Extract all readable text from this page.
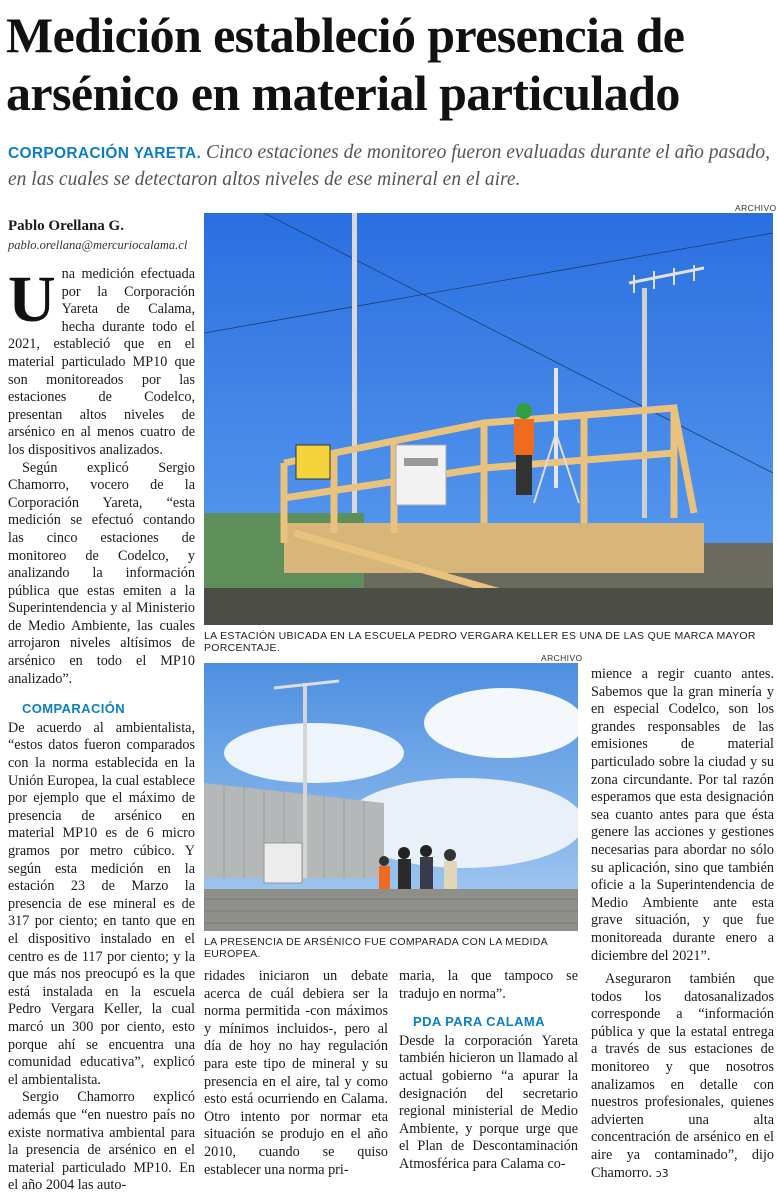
Medición estableció presencia de arsénico en material particulado

CORPORACIÓN YARETA. Cinco estaciones de monitoreo fueron evaluadas durante el año pasado, en las cuales se detectaron altos niveles de ese mineral en el aire.

Pablo Orellana G.
pablo.orellana@mercuriocalama.cl
ARCHIVO
LA ESTACIÓN UBICADA EN LA ESCUELA PEDRO VERGARA KELLER ES UNA DE LAS QUE MARCA MAYOR PORCENTAJE.
ARCHIVO
LA PRESENCIA DE ARSÉNICO FUE COMPARADA CON LA MEDIDA EUROPEA.
U na medición efectuada por la Corporación Yareta de Calama, hecha durante todo el 2021, estableció que en el material particulado MP10 que son monitoreados por las estaciones de Codelco, presentan altos niveles de arsénico en al menos cuatro de los dispositivos analizados.

Según explicó Sergio Chamorro, vocero de la Corporación Yareta, “esta medición se efectuó contando las cinco estaciones de monitoreo de Codelco, y analizando la información pública que estas emiten a la Superintendencia y al Ministerio de Medio Ambiente, las cuales arrojaron niveles altísimos de arsénico en todo el MP10 analizado”.

COMPARACIÓN

De acuerdo al ambientalista, “estos datos fueron comparados con la norma establecida en la Unión Europea, la cual establece por ejemplo que el máximo de presencia de arsénico en material MP10 es de 6 micro gramos por metro cúbico. Y según esta medición en la estación 23 de Marzo la presencia de ese mineral es de 317 por ciento; en tanto que en el dispositivo instalado en el centro es de 117 por ciento; y la que más nos preocupó es la que está instalada en la escuela Pedro Vergara Keller, la cual marcó un 300 por ciento, esto porque ahí se encuentra una comunidad educativa”, explicó el ambientalista.

Sergio Chamorro explicó además que “en nuestro país no existe normativa ambiental para la presencia de arsénico en el material particulado MP10. En el año 2004 las auto-

ridades iniciaron un debate acerca de cuál debiera ser la norma permitida -con máximos y mínimos incluidos-, pero al día de hoy no hay regulación para este tipo de mineral y su presencia en el aire, tal y como esto está ocurriendo en Calama. Otro intento por normar eta situación se produjo en el año 2010, cuando se quiso establecer una norma pri-

maria, la que tampoco se tradujo en norma”.

PDA PARA CALAMA

Desde la corporación Yareta también hicieron un llamado al actual gobierno “a apurar la designación del secretario regional ministerial de Medio Ambiente, y porque urge que el Plan de Descontaminación Atmosférica para Calama co-

mience a regir cuanto antes. Sabemos que la gran minería y en especial Codelco, son los grandes responsables de las emisiones de material particulado sobre la ciudad y su zona circundante. Por tal razón esperamos que esta designación sea cuanto antes para que ésta genere las acciones y gestiones necesarias para abordar no sólo su aplicación, sino que también oficie a la Superintendencia de Medio Ambiente ante esta grave situación, y que fue monitoreada durante enero a diciembre del 2021”.

Aseguraron también que todos los datosanalizados corresponde a “información pública y que la estatal entrega a través de sus estaciones de monitoreo y que nosotros analizamos en detalle con nuestros profesionales, quienes advierten una alta concentración de arsénico en el aire ya contaminado”, dijo Chamorro. ↄ3
